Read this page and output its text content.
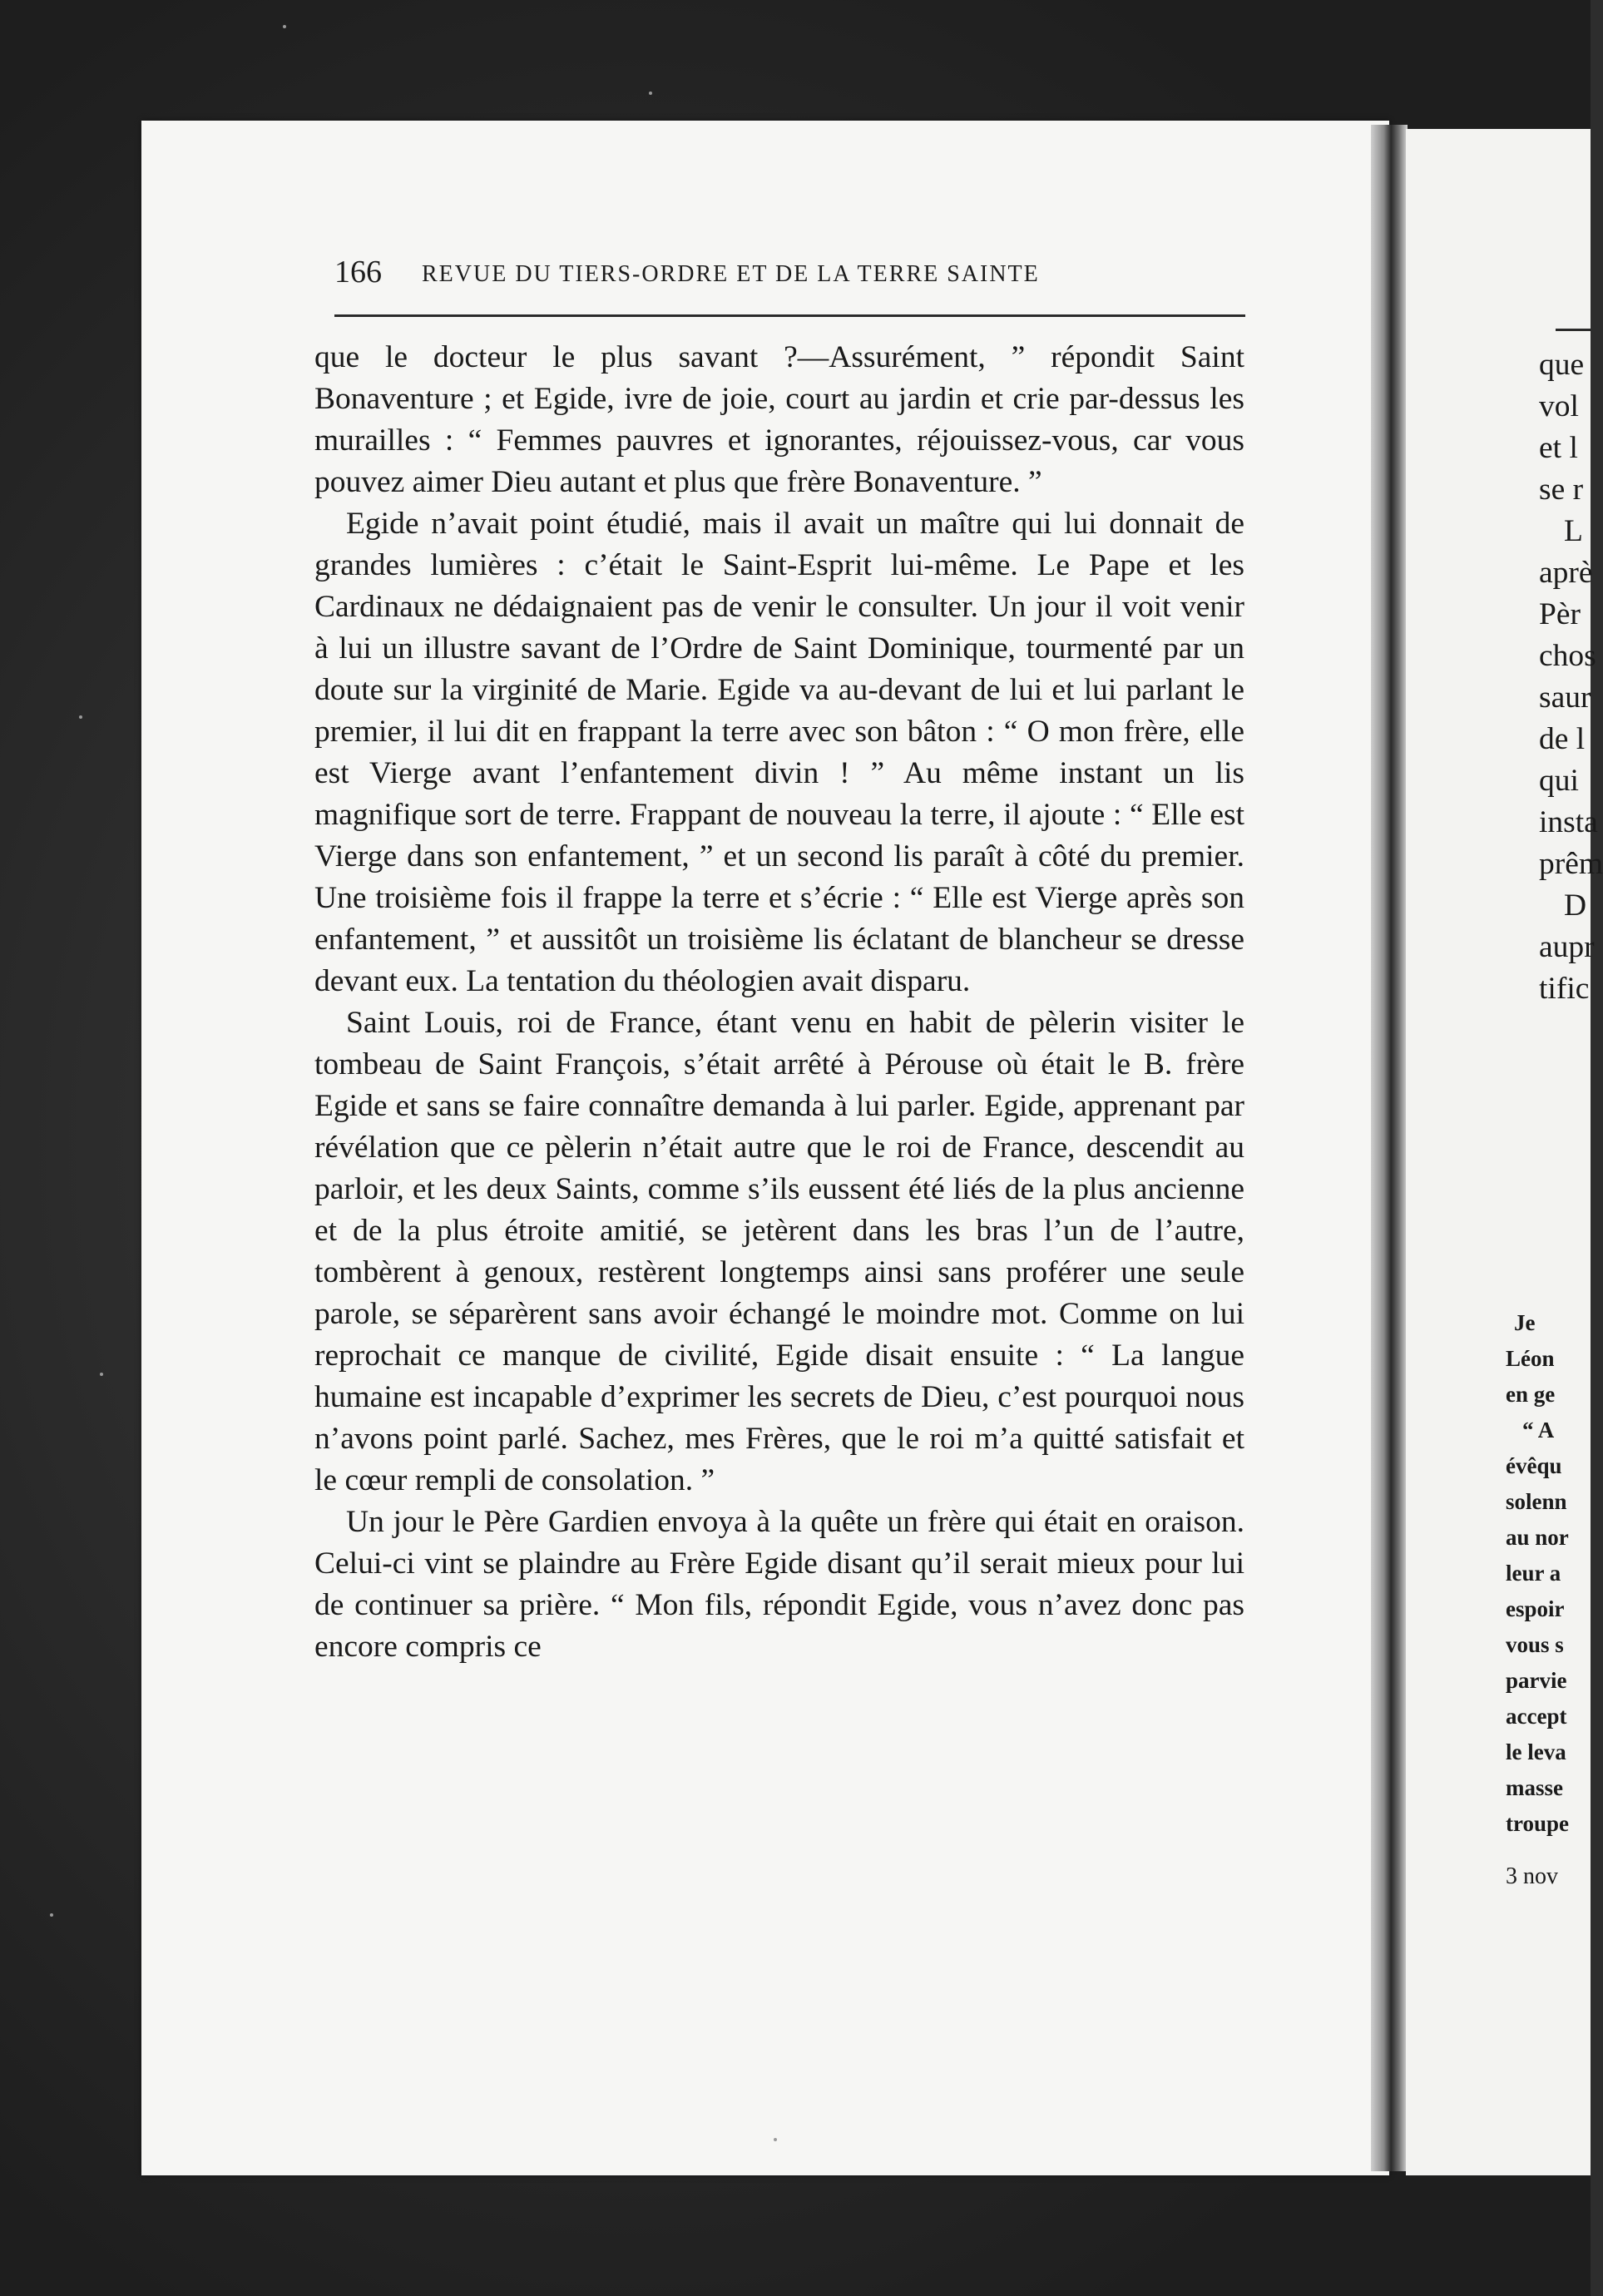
166 REVUE DU TIERS-ORDRE ET DE LA TERRE SAINTE

que le docteur le plus savant ?—Assurément, ” répondit Saint Bonaventure ; et Egide, ivre de joie, court au jardin et crie par-dessus les murailles : “ Femmes pauvres et ignorantes, réjouissez-vous, car vous pouvez aimer Dieu autant et plus que frère Bonaventure. ”

Egide n’avait point étudié, mais il avait un maître qui lui donnait de grandes lumières : c’était le Saint-Esprit lui-même. Le Pape et les Cardinaux ne dédaignaient pas de venir le consulter. Un jour il voit venir à lui un illustre savant de l’Ordre de Saint Dominique, tourmenté par un doute sur la virginité de Marie. Egide va au-devant de lui et lui parlant le premier, il lui dit en frappant la terre avec son bâton : “ O mon frère, elle est Vierge avant l’enfantement divin ! ” Au même instant un lis magnifique sort de terre. Frappant de nouveau la terre, il ajoute : “ Elle est Vierge dans son enfantement, ” et un second lis paraît à côté du premier. Une troisième fois il frappe la terre et s’écrie : “ Elle est Vierge après son enfantement, ” et aussitôt un troisième lis éclatant de blancheur se dresse devant eux. La tentation du théologien avait disparu.

Saint Louis, roi de France, étant venu en habit de pèlerin visiter le tombeau de Saint François, s’était arrêté à Pérouse où était le B. frère Egide et sans se faire connaître demanda à lui parler. Egide, apprenant par révélation que ce pèlerin n’était autre que le roi de France, descendit au parloir, et les deux Saints, comme s’ils eussent été liés de la plus ancienne et de la plus étroite amitié, se jetèrent dans les bras l’un de l’autre, tombèrent à genoux, restèrent longtemps ainsi sans proférer une seule parole, se séparèrent sans avoir échangé le moindre mot. Comme on lui reprochait ce manque de civilité, Egide disait ensuite : “ La langue humaine est incapable d’exprimer les secrets de Dieu, c’est pourquoi nous n’avons point parlé. Sachez, mes Frères, que le roi m’a quitté satisfait et le cœur rempli de consolation. ”

Un jour le Père Gardien envoya à la quête un frère qui était en oraison. Celui-ci vint se plaindre au Frère Egide disant qu’il serait mieux pour lui de continuer sa prière. “ Mon fils, répondit Egide, vous n’avez donc pas encore compris ce

que
vol
et l
se r
L
aprè
Pèr
chos
saur
de l
qui
insta
prêm
D
aupr
tific
Je
Léon
en ge
“ A
évêqu
solenn
au nor
leur a
espoir
vous s
parvie
accept
le leva
masse
troupe
3 nov
